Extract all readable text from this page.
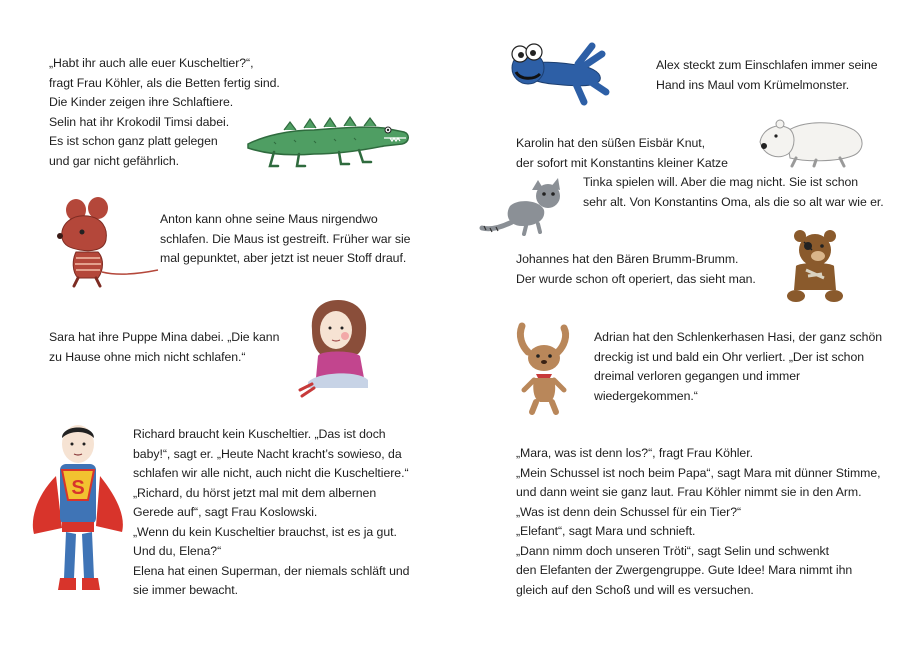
„Habt ihr auch alle euer Kuscheltier?“,
fragt Frau Köhler, als die Betten fertig sind.
Die Kinder zeigen ihre Schlaftiere.
Selin hat ihr Krokodil Timsi dabei.
Es ist schon ganz platt gelegen
und gar nicht gefährlich.

Anton kann ohne seine Maus nirgendwo
schlafen. Die Maus ist gestreift. Früher war sie
mal gepunktet, aber jetzt ist neuer Stoff drauf.

Sara hat ihre Puppe Mina dabei. „Die kann
zu Hause ohne mich nicht schlafen.“

S

Richard braucht kein Kuscheltier. „Das ist doch
baby!“, sagt er. „Heute Nacht kracht’s sowieso, da
schlafen wir alle nicht, auch nicht die Kuscheltiere.“
„Richard, du hörst jetzt mal mit dem albernen
Gerede auf“, sagt Frau Koslowski.
„Wenn du kein Kuscheltier brauchst, ist es ja gut.
Und du, Elena?“
Elena hat einen Superman, der niemals schläft und
sie immer bewacht.

Alex steckt zum Einschlafen immer seine
Hand ins Maul vom Krümelmonster.

Karolin hat den süßen Eisbär Knut,
der sofort mit Konstantins kleiner Katze

Tinka spielen will. Aber die mag nicht. Sie ist schon
sehr alt. Von Konstantins Oma, als die so alt war wie er.

Johannes hat den Bären Brumm-Brumm.
Der wurde schon oft operiert, das sieht man.

Adrian hat den Schlenkerhasen Hasi, der ganz schön
dreckig ist und bald ein Ohr verliert. „Der ist schon
dreimal verloren gegangen und immer
wiedergekommen.“

„Mara, was ist denn los?“, fragt Frau Köhler.
„Mein Schussel ist noch beim Papa“, sagt Mara mit dünner Stimme,
und dann weint sie ganz laut. Frau Köhler nimmt sie in den Arm.
„Was ist denn dein Schussel für ein Tier?“
„Elefant“, sagt Mara und schnieft.
„Dann nimm doch unseren Tröti“, sagt Selin und schwenkt
den Elefanten der Zwergengruppe. Gute Idee! Mara nimmt ihn
gleich auf den Schoß und will es versuchen.
